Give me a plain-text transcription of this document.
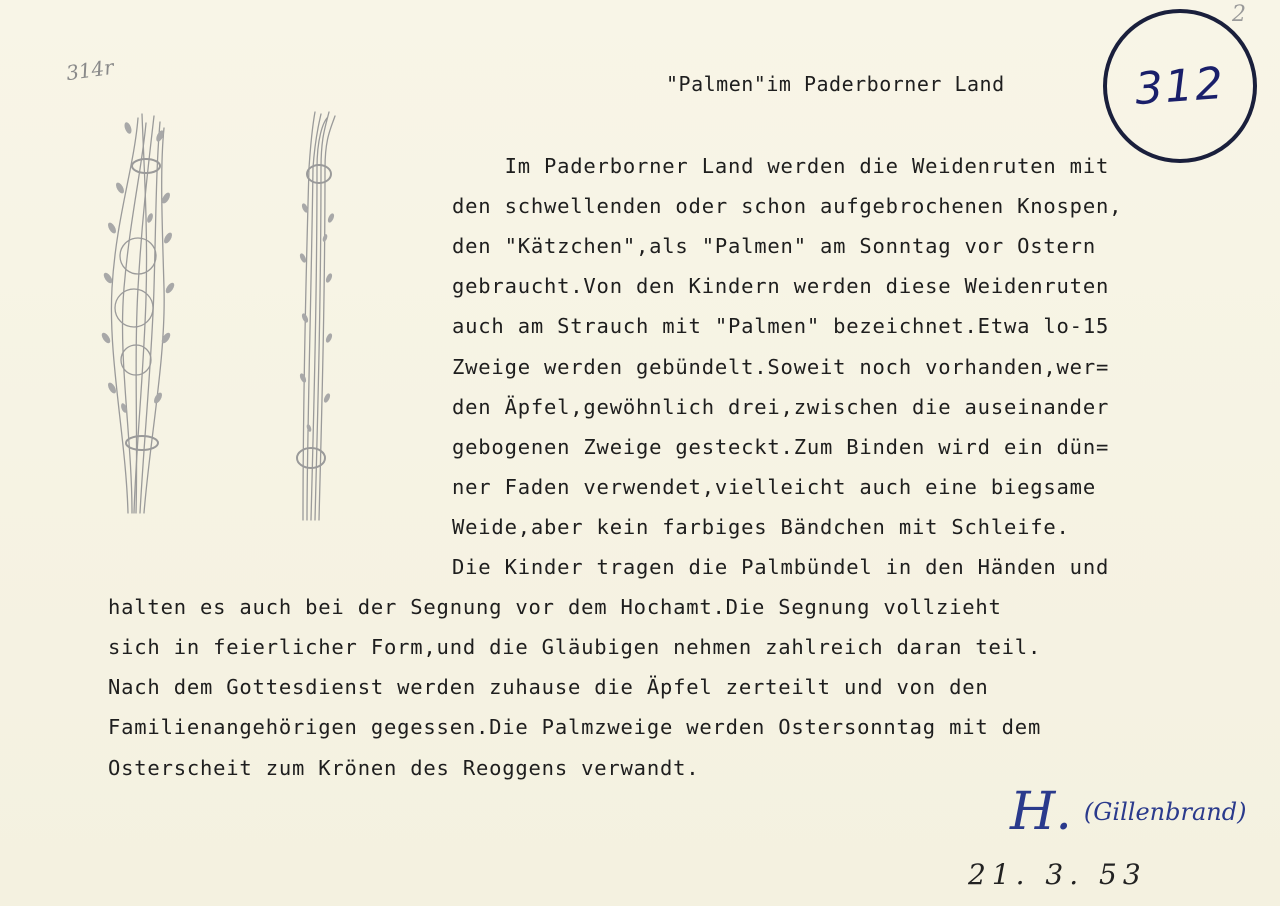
314r
2
312
"Palmen"im Paderborner Land
Im Paderborner Land werden die Weidenruten mit
den schwellenden oder schon aufgebrochenen Knospen,
den "Kätzchen",als "Palmen" am Sonntag vor Ostern
gebraucht.Von den Kindern werden diese Weidenruten
auch am Strauch mit "Palmen" bezeichnet.Etwa lo-15
Zweige werden gebündelt.Soweit noch vorhanden,wer=
den Äpfel,gewöhnlich drei,zwischen die auseinander
gebogenen Zweige gesteckt.Zum Binden wird ein dün=
ner Faden verwendet,vielleicht auch eine biegsame
Weide,aber kein farbiges Bändchen mit Schleife.
Die Kinder tragen die Palmbündel in den Händen und
halten es auch bei der Segnung vor dem Hochamt.Die Segnung vollzieht
sich in feierlicher Form,und die Gläubigen nehmen zahlreich daran teil.
Nach dem Gottesdienst werden zuhause die Äpfel zerteilt und von den
Familienangehörigen gegessen.Die Palmzweige werden Ostersonntag mit dem
Osterscheit zum Krönen des Reoggens verwandt.
H. (Gillenbrand)
21. 3. 53
